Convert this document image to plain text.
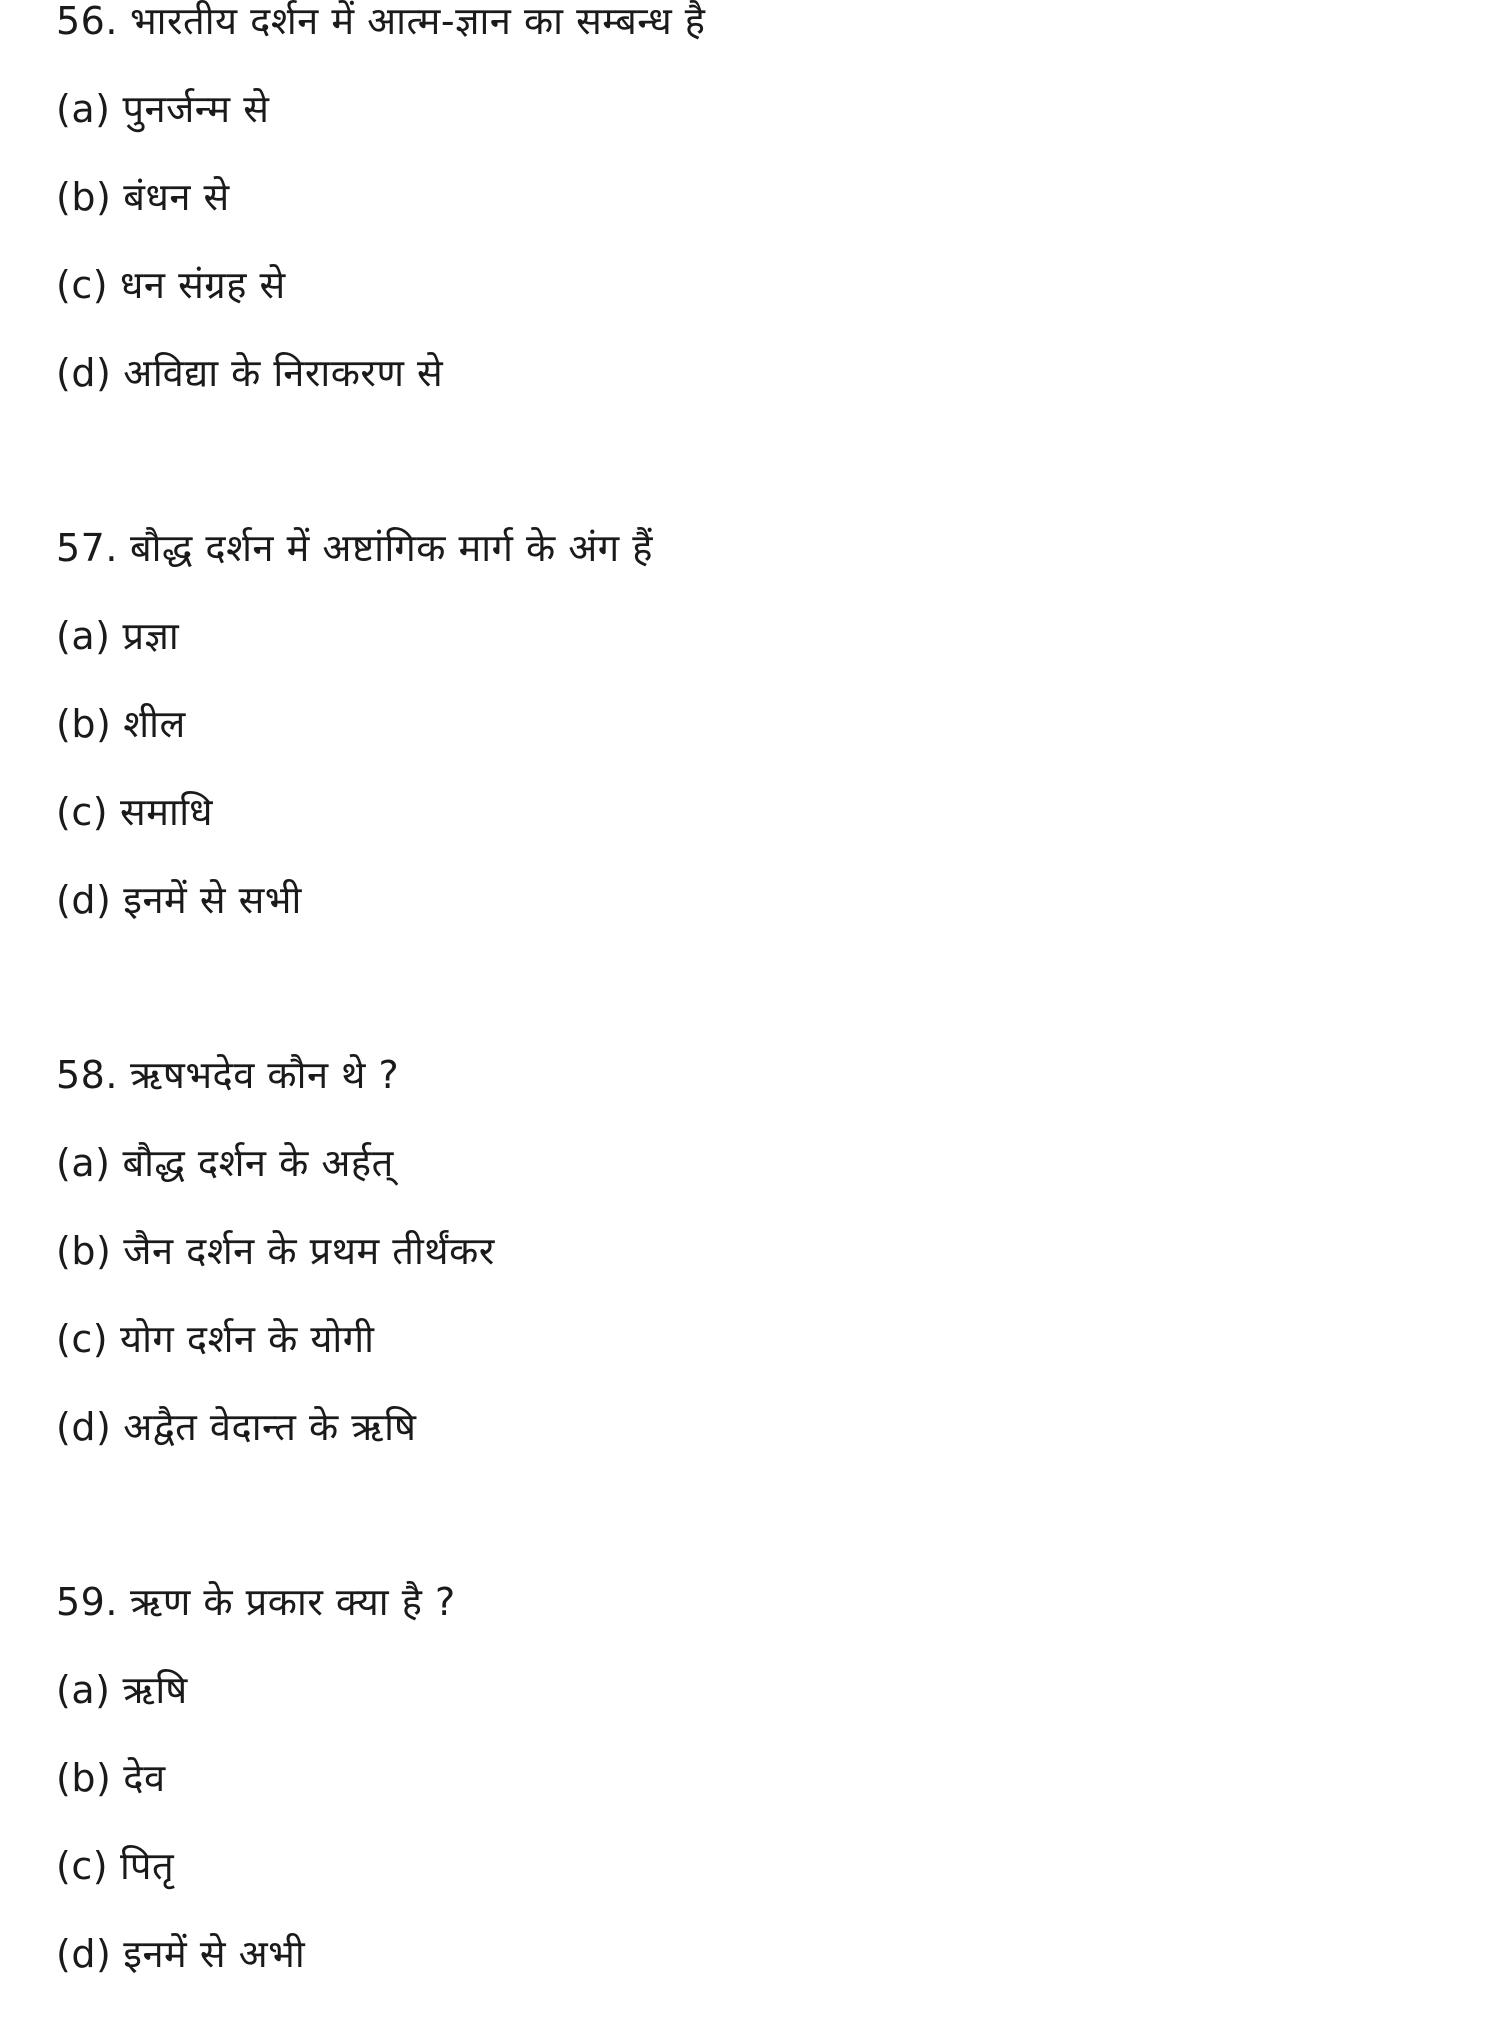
56. भारतीय दर्शन में आत्म-ज्ञान का सम्बन्ध है
(a) पुनर्जन्म से
(b) बंधन से
(c) धन संग्रह से
(d) अविद्या के निराकरण से
57. बौद्ध दर्शन में अष्टांगिक मार्ग के अंग हैं
(a) प्रज्ञा
(b) शील
(c) समाधि
(d) इनमें से सभी
58. ऋषभदेव कौन थे ?
(a) बौद्ध दर्शन के अर्हत्
(b) जैन दर्शन के प्रथम तीर्थंकर
(c) योग दर्शन के योगी
(d) अद्वैत वेदान्त के ऋषि
59. ऋण के प्रकार क्या है ?
(a) ऋषि
(b) देव
(c) पितृ
(d) इनमें से अभी
